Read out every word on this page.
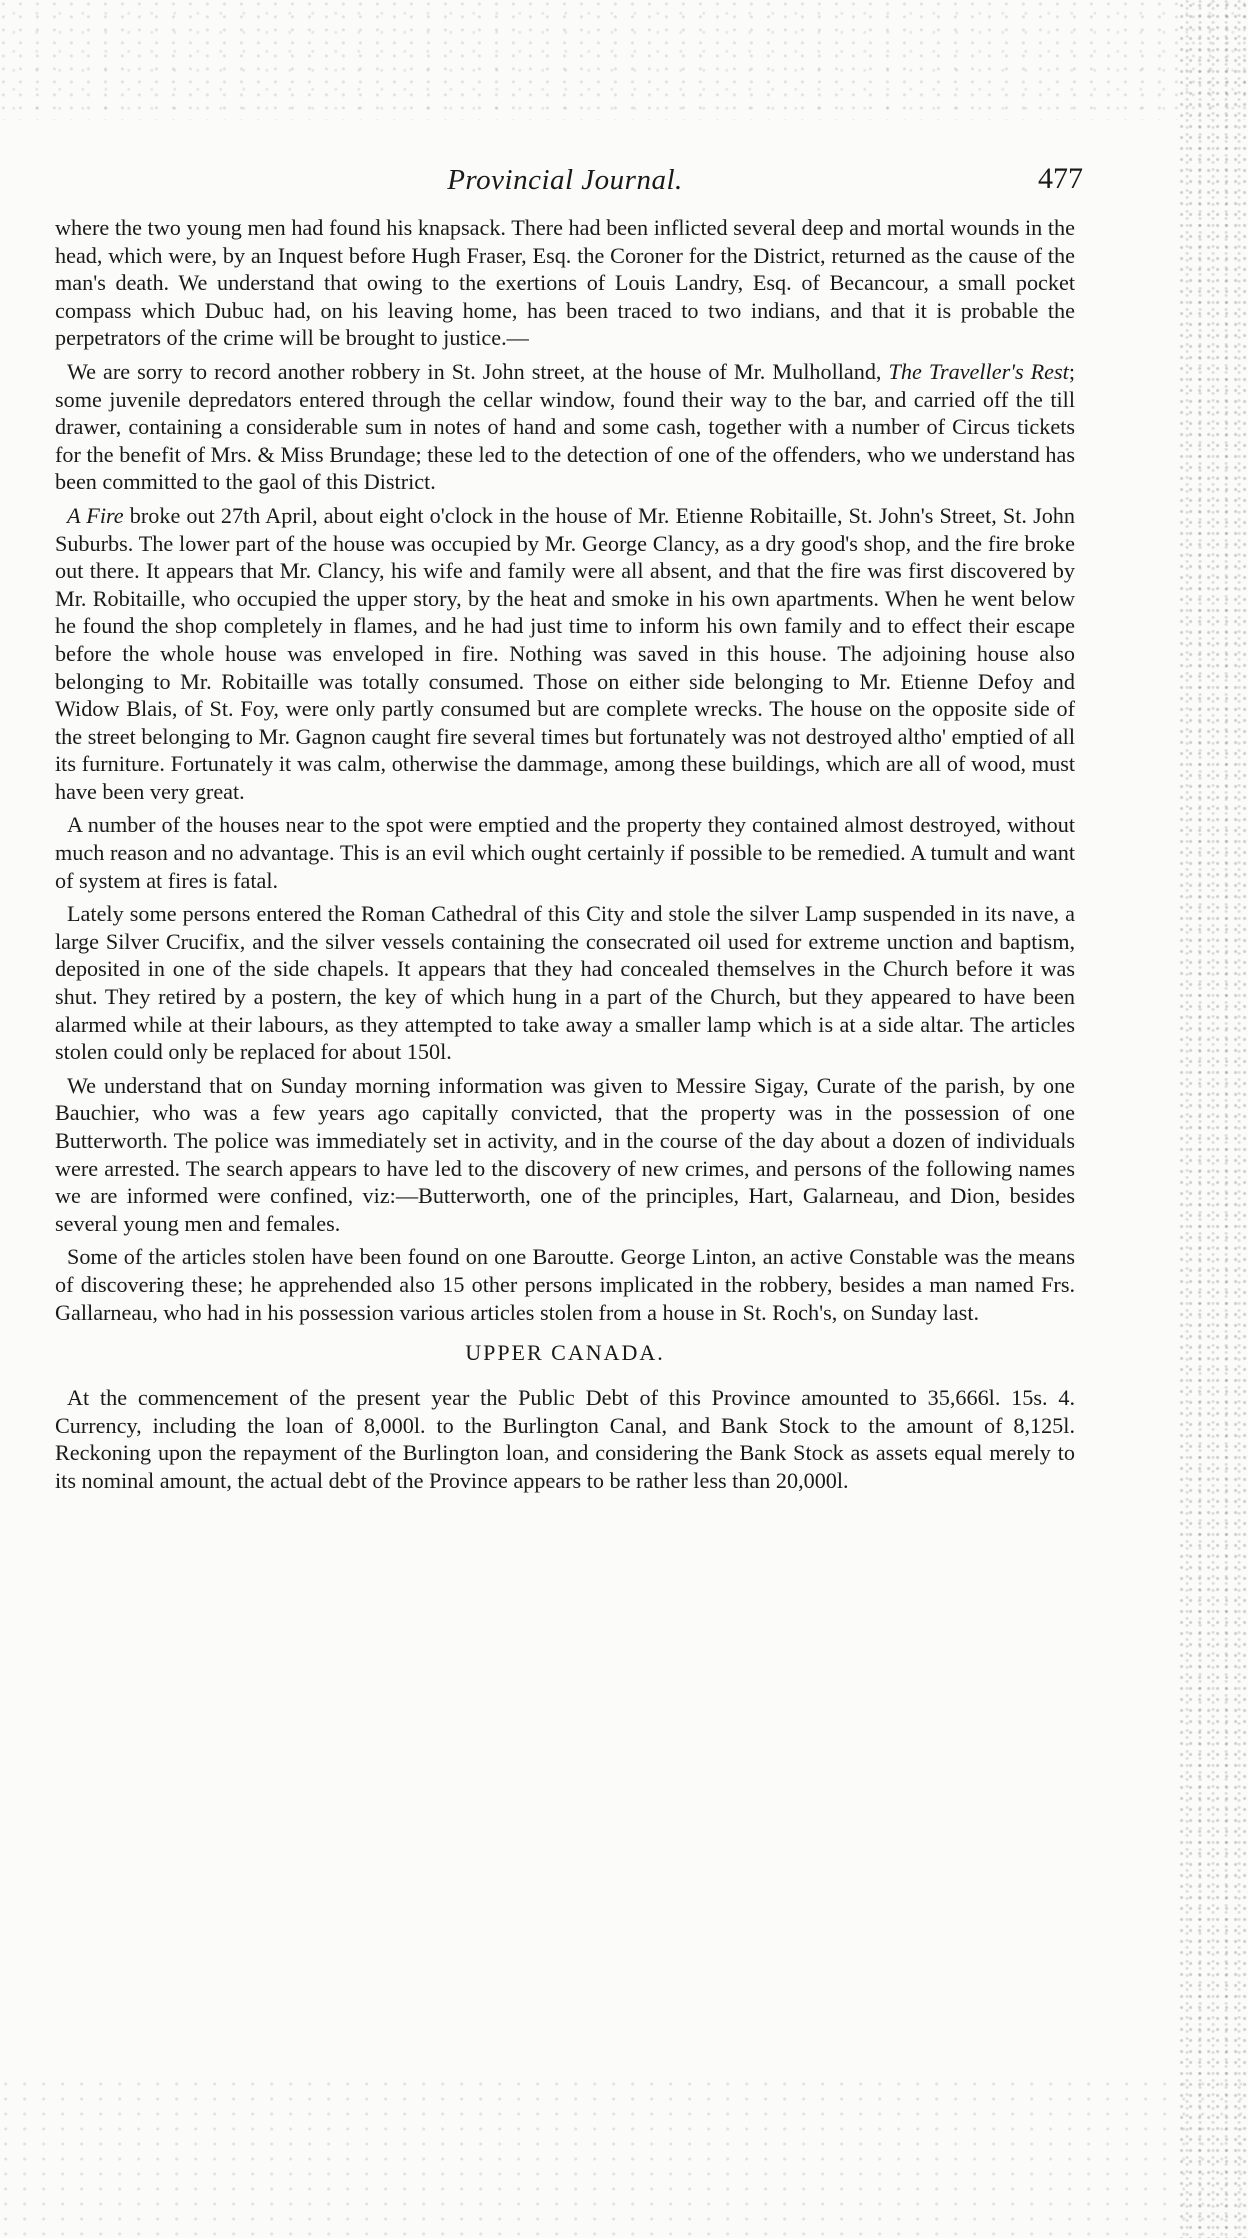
Provincial Journal.	477

where the two young men had found his knapsack. There had been inflicted several deep and mortal wounds in the head, which were, by an Inquest before Hugh Fraser, Esq. the Coroner for the District, returned as the cause of the man's death. We understand that owing to the exertions of Louis Landry, Esq. of Becancour, a small pocket compass which Dubuc had, on his leaving home, has been traced to two indians, and that it is probable the perpetrators of the crime will be brought to justice.—

We are sorry to record another robbery in St. John street, at the house of Mr. Mulholland, The Traveller's Rest; some juvenile depredators entered through the cellar window, found their way to the bar, and carried off the till drawer, containing a considerable sum in notes of hand and some cash, together with a number of Circus tickets for the benefit of Mrs. & Miss Brundage; these led to the detection of one of the offenders, who we understand has been committed to the gaol of this District.

A Fire broke out 27th April, about eight o'clock in the house of Mr. Etienne Robitaille, St. John's Street, St. John Suburbs. The lower part of the house was occupied by Mr. George Clancy, as a dry good's shop, and the fire broke out there. It appears that Mr. Clancy, his wife and family were all absent, and that the fire was first discovered by Mr. Robitaille, who occupied the upper story, by the heat and smoke in his own apartments. When he went below he found the shop completely in flames, and he had just time to inform his own family and to effect their escape before the whole house was enveloped in fire. Nothing was saved in this house. The adjoining house also belonging to Mr. Robitaille was totally consumed. Those on either side belonging to Mr. Etienne Defoy and Widow Blais, of St. Foy, were only partly consumed but are complete wrecks. The house on the opposite side of the street belonging to Mr. Gagnon caught fire several times but fortunately was not destroyed altho' emptied of all its furniture. Fortunately it was calm, otherwise the dammage, among these buildings, which are all of wood, must have been very great.

A number of the houses near to the spot were emptied and the property they contained almost destroyed, without much reason and no advantage. This is an evil which ought certainly if possible to be remedied. A tumult and want of system at fires is fatal.

Lately some persons entered the Roman Cathedral of this City and stole the silver Lamp suspended in its nave, a large Silver Crucifix, and the silver vessels containing the consecrated oil used for extreme unction and baptism, deposited in one of the side chapels. It appears that they had concealed themselves in the Church before it was shut. They retired by a postern, the key of which hung in a part of the Church, but they appeared to have been alarmed while at their labours, as they attempted to take away a smaller lamp which is at a side altar. The articles stolen could only be replaced for about 150l.

We understand that on Sunday morning information was given to Messire Sigay, Curate of the parish, by one Bauchier, who was a few years ago capitally convicted, that the property was in the possession of one Butterworth. The police was immediately set in activity, and in the course of the day about a dozen of individuals were arrested. The search appears to have led to the discovery of new crimes, and persons of the following names we are informed were confined, viz:—Butterworth, one of the principles, Hart, Galarneau, and Dion, besides several young men and females.

Some of the articles stolen have been found on one Baroutte. George Linton, an active Constable was the means of discovering these; he apprehended also 15 other persons implicated in the robbery, besides a man named Frs. Gallarneau, who had in his possession various articles stolen from a house in St. Roch's, on Sunday last.

UPPER CANADA.

At the commencement of the present year the Public Debt of this Province amounted to 35,666l. 15s. 4. Currency, including the loan of 8,000l. to the Burlington Canal, and Bank Stock to the amount of 8,125l. Reckoning upon the repayment of the Burlington loan, and considering the Bank Stock as assets equal merely to its nominal amount, the actual debt of the Province appears to be rather less than 20,000l.
